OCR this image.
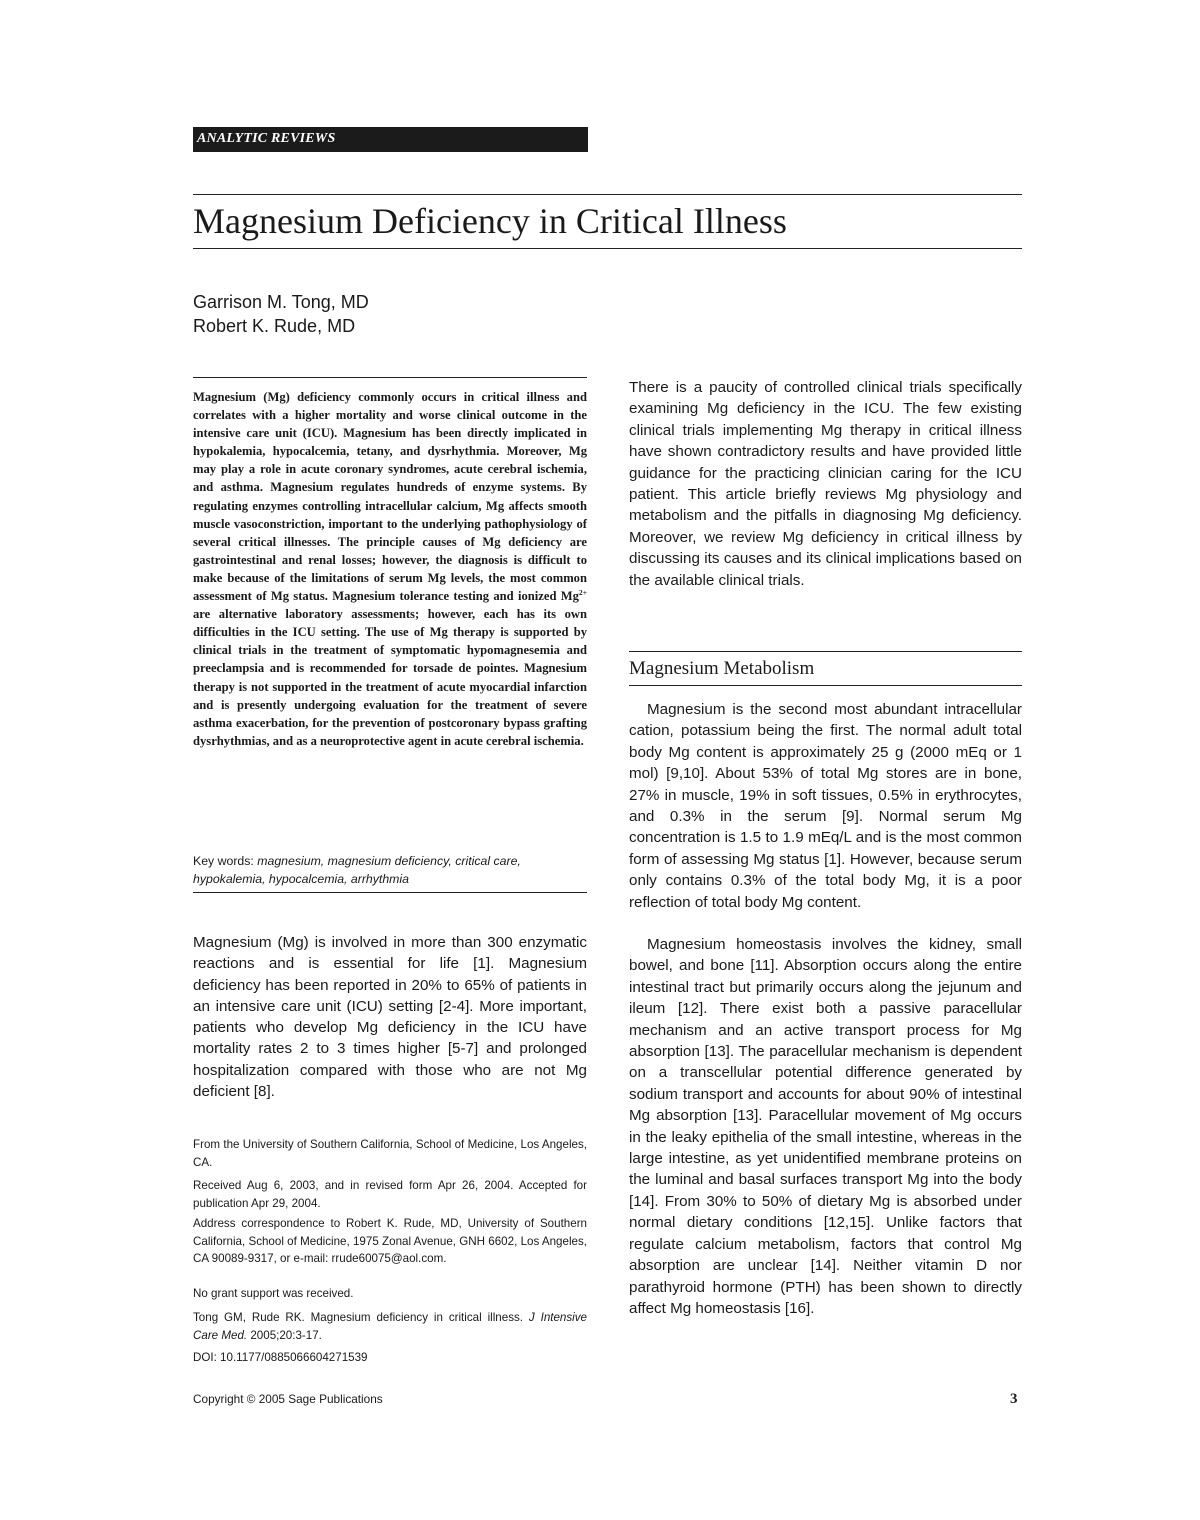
ANALYTIC REVIEWS
Magnesium Deficiency in Critical Illness
Garrison M. Tong, MD
Robert K. Rude, MD

Magnesium (Mg) deficiency commonly occurs in critical illness and correlates with a higher mortality and worse clinical outcome in the intensive care unit (ICU). Magnesium has been directly implicated in hypokalemia, hypocalcemia, tetany, and dysrhythmia. Moreover, Mg may play a role in acute coronary syndromes, acute cerebral ischemia, and asthma. Magnesium regulates hundreds of enzyme systems. By regulating enzymes controlling intracellular calcium, Mg affects smooth muscle vasoconstriction, important to the underlying pathophysiology of several critical illnesses. The principle causes of Mg deficiency are gastrointestinal and renal losses; however, the diagnosis is difficult to make because of the limitations of serum Mg levels, the most common assessment of Mg status. Magnesium tolerance testing and ionized $Mg^{2+}$ are alternative laboratory assessments; however, each has its own difficulties in the ICU setting. The use of Mg therapy is supported by clinical trials in the treatment of symptomatic hypomagnesemia and preeclampsia and is recommended for torsade de pointes. Magnesium therapy is not supported in the treatment of acute myocardial infarction and is presently undergoing evaluation for the treatment of severe asthma exacerbation, for the prevention of postcoronary bypass grafting dysrhythmias, and as a neuroprotective agent in acute cerebral ischemia.

Key words: magnesium, magnesium deficiency, critical care, hypokalemia, hypocalcemia, arrhythmia

Magnesium (Mg) is involved in more than 300 enzymatic reactions and is essential for life [1]. Magnesium deficiency has been reported in 20% to 65% of patients in an intensive care unit (ICU) setting [2-4]. More important, patients who develop Mg deficiency in the ICU have mortality rates 2 to 3 times higher [5-7] and prolonged hospitalization compared with those who are not Mg deficient [8].

From the University of Southern California, School of Medicine, Los Angeles, CA.

Received Aug 6, 2003, and in revised form Apr 26, 2004. Accepted for publication Apr 29, 2004.

Address correspondence to Robert K. Rude, MD, University of Southern California, School of Medicine, 1975 Zonal Avenue, GNH 6602, Los Angeles, CA 90089-9317, or e-mail: rrude60075@aol.com.

No grant support was received.

Tong GM, Rude RK. Magnesium deficiency in critical illness. J Intensive Care Med. 2005;20:3-17.

DOI: 10.1177/0885066604271539

There is a paucity of controlled clinical trials specifically examining Mg deficiency in the ICU. The few existing clinical trials implementing Mg therapy in critical illness have shown contradictory results and have provided little guidance for the practicing clinician caring for the ICU patient. This article briefly reviews Mg physiology and metabolism and the pitfalls in diagnosing Mg deficiency. Moreover, we review Mg deficiency in critical illness by discussing its causes and its clinical implications based on the available clinical trials.

Magnesium Metabolism

Magnesium is the second most abundant intracellular cation, potassium being the first. The normal adult total body Mg content is approximately 25 g (2000 mEq or 1 mol) [9,10]. About 53% of total Mg stores are in bone, 27% in muscle, 19% in soft tissues, 0.5% in erythrocytes, and 0.3% in the serum [9]. Normal serum Mg concentration is 1.5 to 1.9 mEq/L and is the most common form of assessing Mg status [1]. However, because serum only contains 0.3% of the total body Mg, it is a poor reflection of total body Mg content.

Magnesium homeostasis involves the kidney, small bowel, and bone [11]. Absorption occurs along the entire intestinal tract but primarily occurs along the jejunum and ileum [12]. There exist both a passive paracellular mechanism and an active transport process for Mg absorption [13]. The paracellular mechanism is dependent on a transcellular potential difference generated by sodium transport and accounts for about 90% of intestinal Mg absorption [13]. Paracellular movement of Mg occurs in the leaky epithelia of the small intestine, whereas in the large intestine, as yet unidentified membrane proteins on the luminal and basal surfaces transport Mg into the body [14]. From 30% to 50% of dietary Mg is absorbed under normal dietary conditions [12,15]. Unlike factors that regulate calcium metabolism, factors that control Mg absorption are unclear [14]. Neither vitamin D nor parathyroid hormone (PTH) has been shown to directly affect Mg homeostasis [16].

Copyright © 2005 Sage Publications	3
